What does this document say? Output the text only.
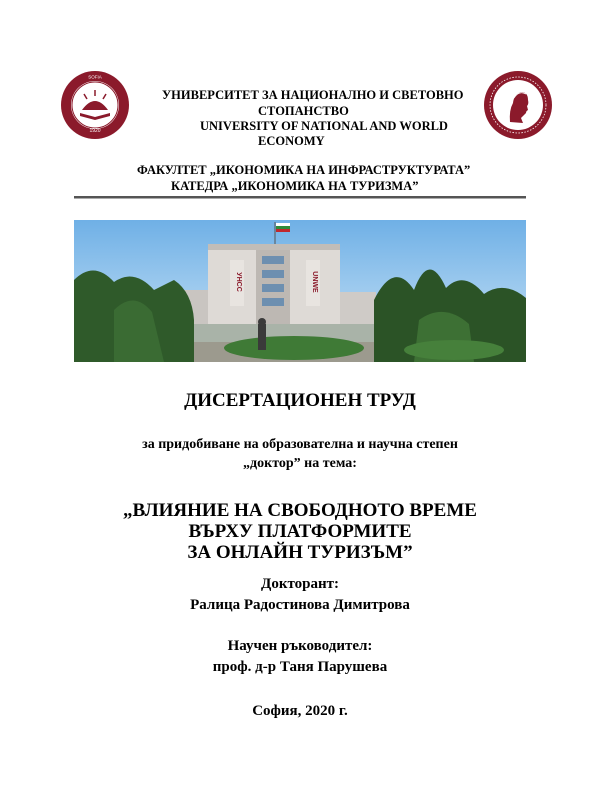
1920
SOFIA
УНИВЕРСИТЕТ ЗА НАЦИОНАЛНО И СВЕТОВНО
СТОПАНСТВО
UNIVERSITY OF NATIONAL AND WORLD
ECONOMY
ФАКУЛТЕТ „ИКОНОМИКА НА ИНФРАСТРУКТУРАТА”
КАТЕДРА „ИКОНОМИКА НА ТУРИЗМА”
УНСС	UNWE
ДИСЕРТАЦИОНЕН ТРУД
за придобиване на образователна и научна степен
„доктор” на тема:
„ВЛИЯНИЕ НА СВОБОДНОТО ВРЕМЕ
ВЪРХУ ПЛАТФОРМИТЕ
ЗА ОНЛАЙН ТУРИЗЪМ”
Докторант:
Ралица Радостинова Димитрова
Научен ръководител:
проф. д-р Таня Парушева
София, 2020 г.
